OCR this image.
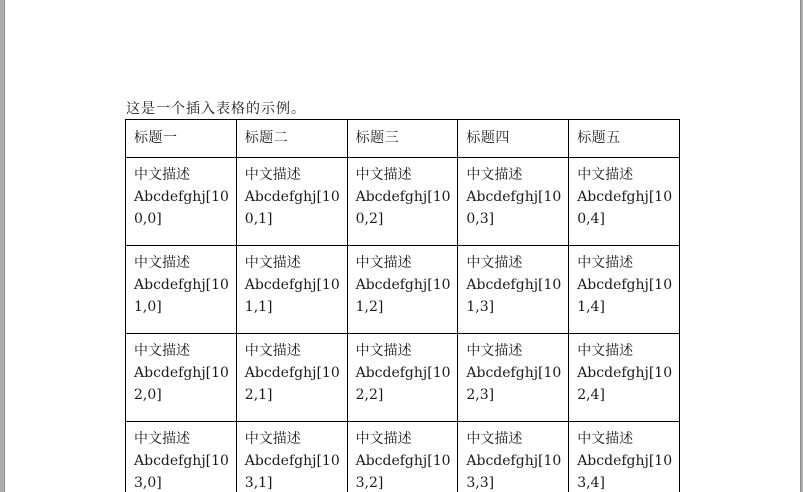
这是一个插入表格的示例。
标题一	标题二	标题三	标题四	标题五

中文描述
Abcdefghj[100,0]	中文描述
Abcdefghj[100,1]	中文描述
Abcdefghj[100,2]	中文描述
Abcdefghj[100,3]	中文描述
Abcdefghj[100,4]

中文描述
Abcdefghj[101,0]	中文描述
Abcdefghj[101,1]	中文描述
Abcdefghj[101,2]	中文描述
Abcdefghj[101,3]	中文描述
Abcdefghj[101,4]

中文描述
Abcdefghj[102,0]	中文描述
Abcdefghj[102,1]	中文描述
Abcdefghj[102,2]	中文描述
Abcdefghj[102,3]	中文描述
Abcdefghj[102,4]

中文描述
Abcdefghj[103,0]	中文描述
Abcdefghj[103,1]	中文描述
Abcdefghj[103,2]	中文描述
Abcdefghj[103,3]	中文描述
Abcdefghj[103,4]
